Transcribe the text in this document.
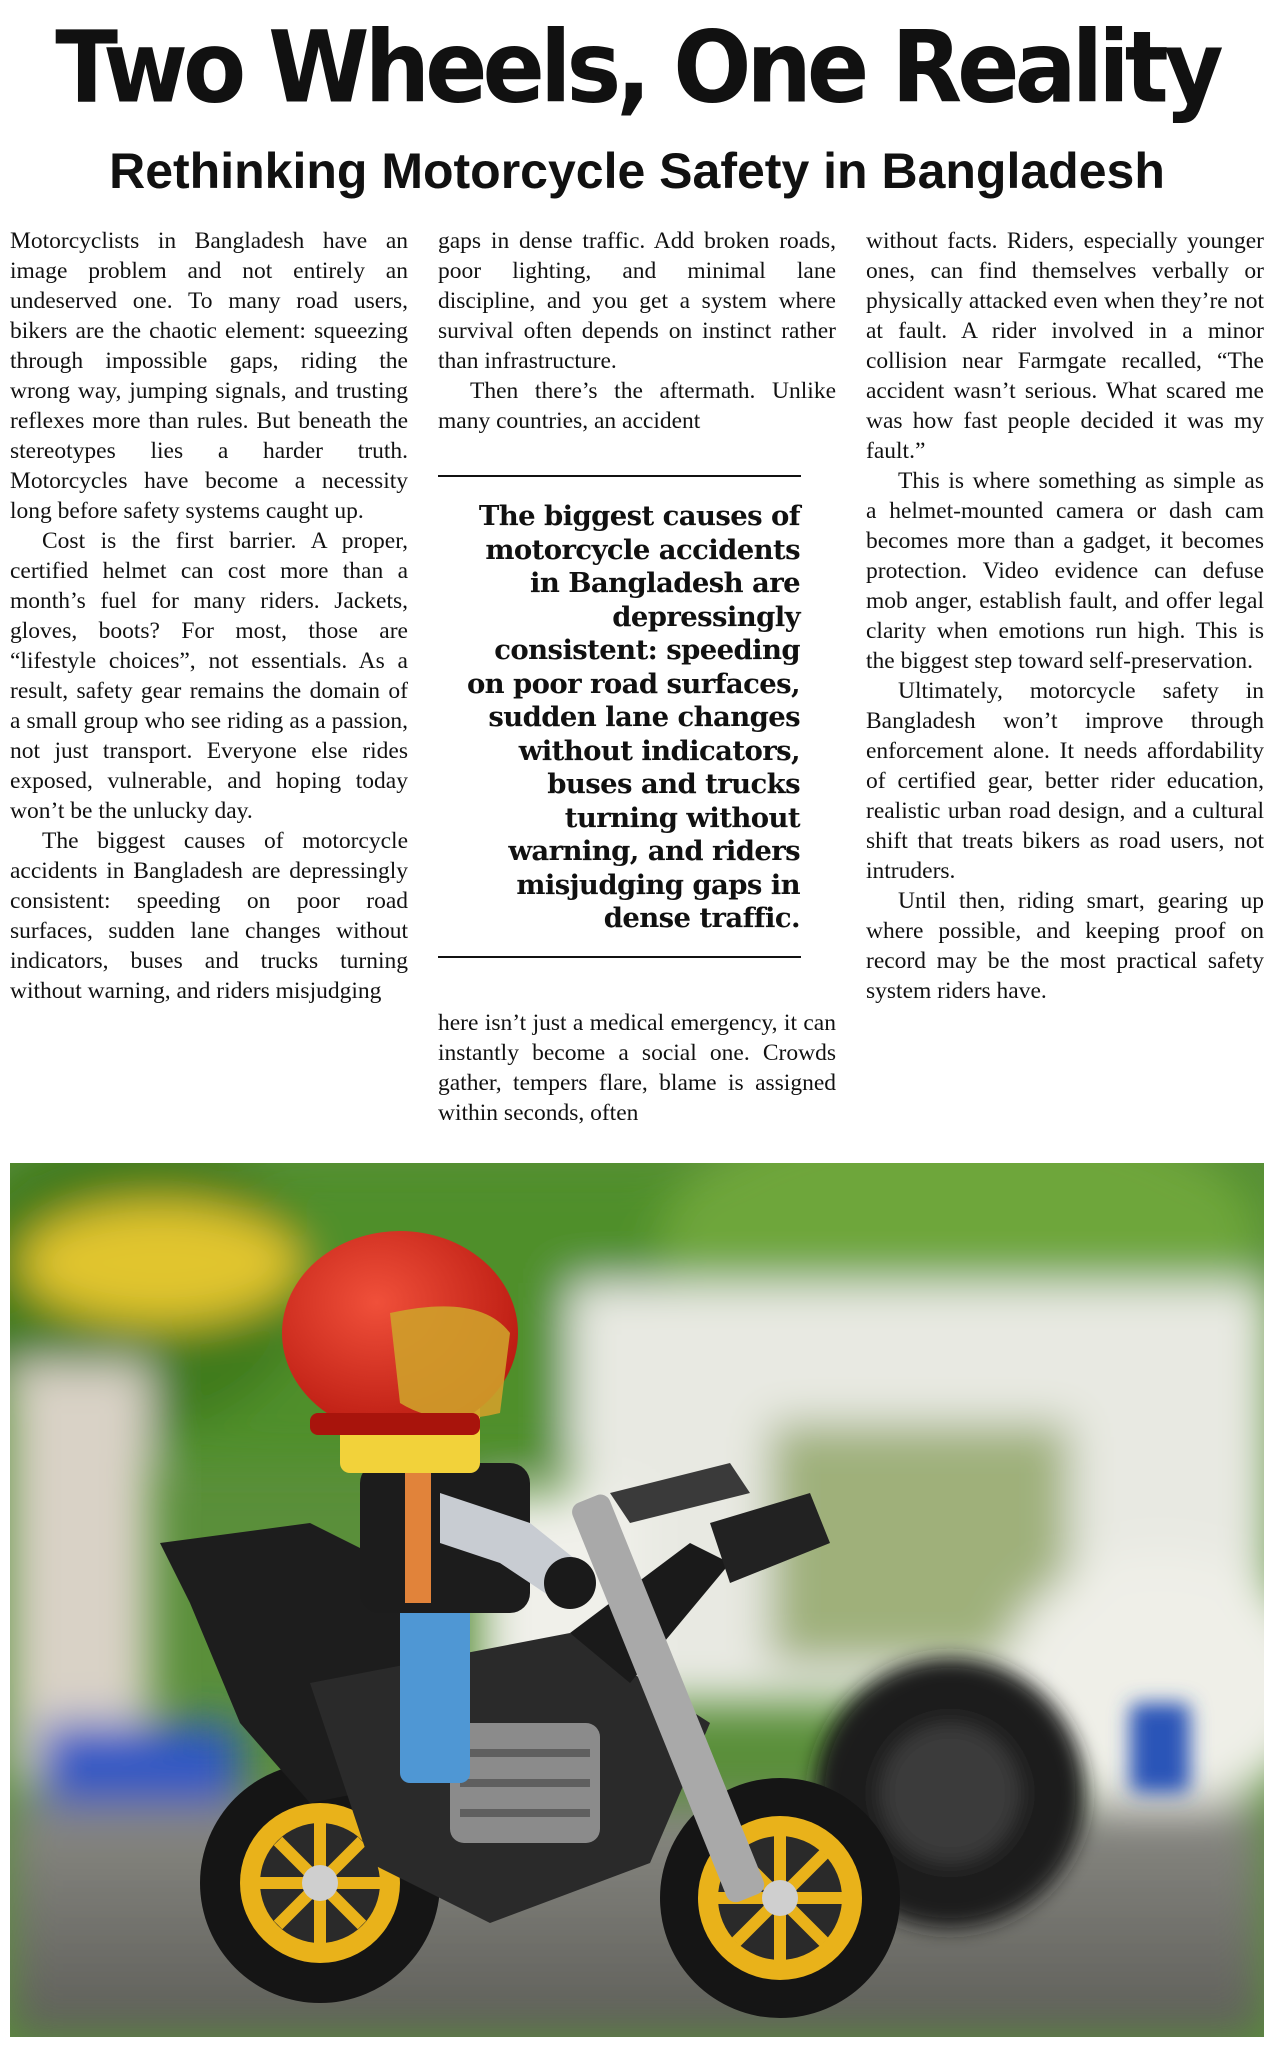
Two Wheels, One Reality
Rethinking Motorcycle Safety in Bangladesh

Motorcyclists in Bangladesh have an image problem and not entirely an undeserved one. To many road users, bikers are the chaotic element: squeezing through impossible gaps, riding the wrong way, jumping signals, and trusting reflexes more than rules. But beneath the stereotypes lies a harder truth. Motorcycles have become a necessity long before safety systems caught up.

Cost is the first barrier. A proper, certified helmet can cost more than a month’s fuel for many riders. Jackets, gloves, boots? For most, those are “lifestyle choices”, not essentials. As a result, safety gear remains the domain of a small group who see riding as a passion, not just transport. Everyone else rides exposed, vulnerable, and hoping today won’t be the unlucky day.

The biggest causes of motorcycle accidents in Bangladesh are depressingly consistent: speeding on poor road surfaces, sudden lane changes without indicators, buses and trucks turning without warning, and riders misjudging

gaps in dense traffic. Add broken roads, poor lighting, and minimal lane discipline, and you get a system where survival often depends on instinct rather than infrastructure.

Then there’s the aftermath. Unlike many countries, an accident

The biggest causes of motorcycle accidents in Bangladesh are depressingly consistent: speeding on poor road surfaces, sudden lane changes without indicators, buses and trucks turning without warning, and riders misjudging gaps in dense traffic.

here isn’t just a medical emergency, it can instantly become a social one. Crowds gather, tempers flare, blame is assigned within seconds, often

without facts. Riders, especially younger ones, can find themselves verbally or physically attacked even when they’re not at fault. A rider involved in a minor collision near Farmgate recalled, “The accident wasn’t serious. What scared me was how fast people decided it was my fault.”

This is where something as simple as a helmet-mounted camera or dash cam becomes more than a gadget, it becomes protection. Video evidence can defuse mob anger, establish fault, and offer legal clarity when emotions run high. This is the biggest step toward self-preservation.

Ultimately, motorcycle safety in Bangladesh won’t improve through enforcement alone. It needs affordability of certified gear, better rider education, realistic urban road design, and a cultural shift that treats bikers as road users, not intruders.

Until then, riding smart, gearing up where possible, and keeping proof on record may be the most practical safety system riders have.
